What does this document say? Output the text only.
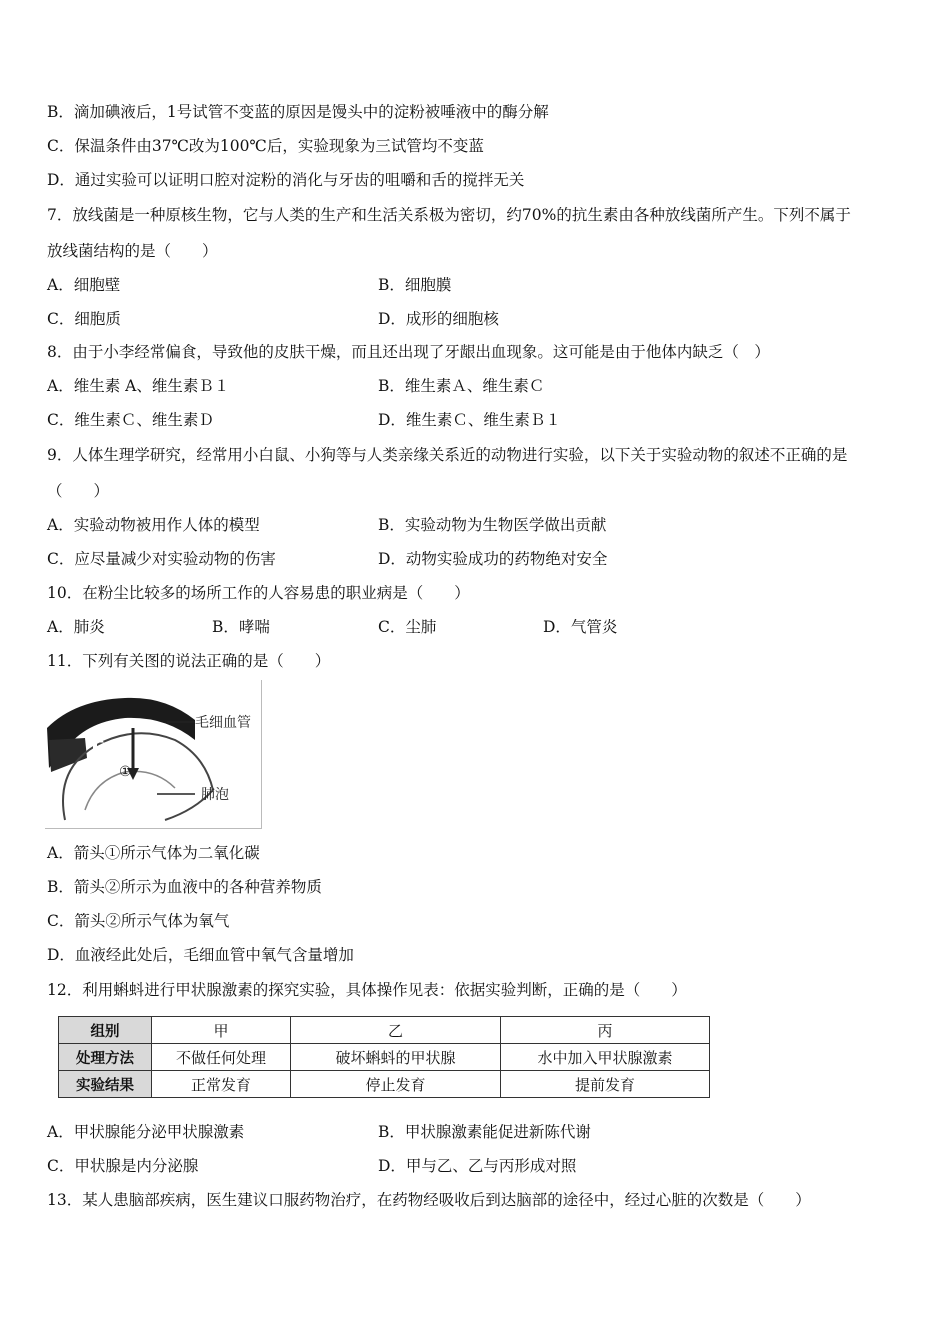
B．滴加碘液后，1号试管不变蓝的原因是馒头中的淀粉被唾液中的酶分解
C．保温条件由37℃改为100℃后，实验现象为三试管均不变蓝
D．通过实验可以证明口腔对淀粉的消化与牙齿的咀嚼和舌的搅拌无关
7．放线菌是一种原核生物，它与人类的生产和生活关系极为密切，约70%的抗生素由各种放线菌所产生。下列不属于
放线菌结构的是（　　）
A．细胞壁	B．细胞膜
C．细胞质	D．成形的细胞核
8．由于小李经常偏食，导致他的皮肤干燥，而且还出现了牙龈出血现象。这可能是由于他体内缺乏（　）
A．维生素 A、维生素Ｂ１	B．维生素Ａ、维生素Ｃ
C．维生素Ｃ、维生素Ｄ	D．维生素Ｃ、维生素Ｂ１
9．人体生理学研究，经常用小白鼠、小狗等与人类亲缘关系近的动物进行实验，以下关于实验动物的叙述不正确的是
（　　）
A．实验动物被用作人体的模型	B．实验动物为生物医学做出贡献
C．应尽量减少对实验动物的伤害	D．动物实验成功的药物绝对安全
10．在粉尘比较多的场所工作的人容易患的职业病是（　　）
A．肺炎	B．哮喘	C．尘肺	D．气管炎
11．下列有关图的说法正确的是（　　）
毛细血管
肺泡
①
A．箭头①所示气体为二氧化碳
B．箭头②所示为血液中的各种营养物质
C．箭头②所示气体为氧气
D．血液经此处后，毛细血管中氧气含量增加
12．利用蝌蚪进行甲状腺激素的探究实验，具体操作见表：依据实验判断，正确的是（　　）
组别	甲	乙	丙
处理方法	不做任何处理	破坏蝌蚪的甲状腺	水中加入甲状腺激素
实验结果	正常发育	停止发育	提前发育
A．甲状腺能分泌甲状腺激素	B．甲状腺激素能促进新陈代谢
C．甲状腺是内分泌腺	D．甲与乙、乙与丙形成对照
13．某人患脑部疾病，医生建议口服药物治疗，在药物经吸收后到达脑部的途径中，经过心脏的次数是（　　）
